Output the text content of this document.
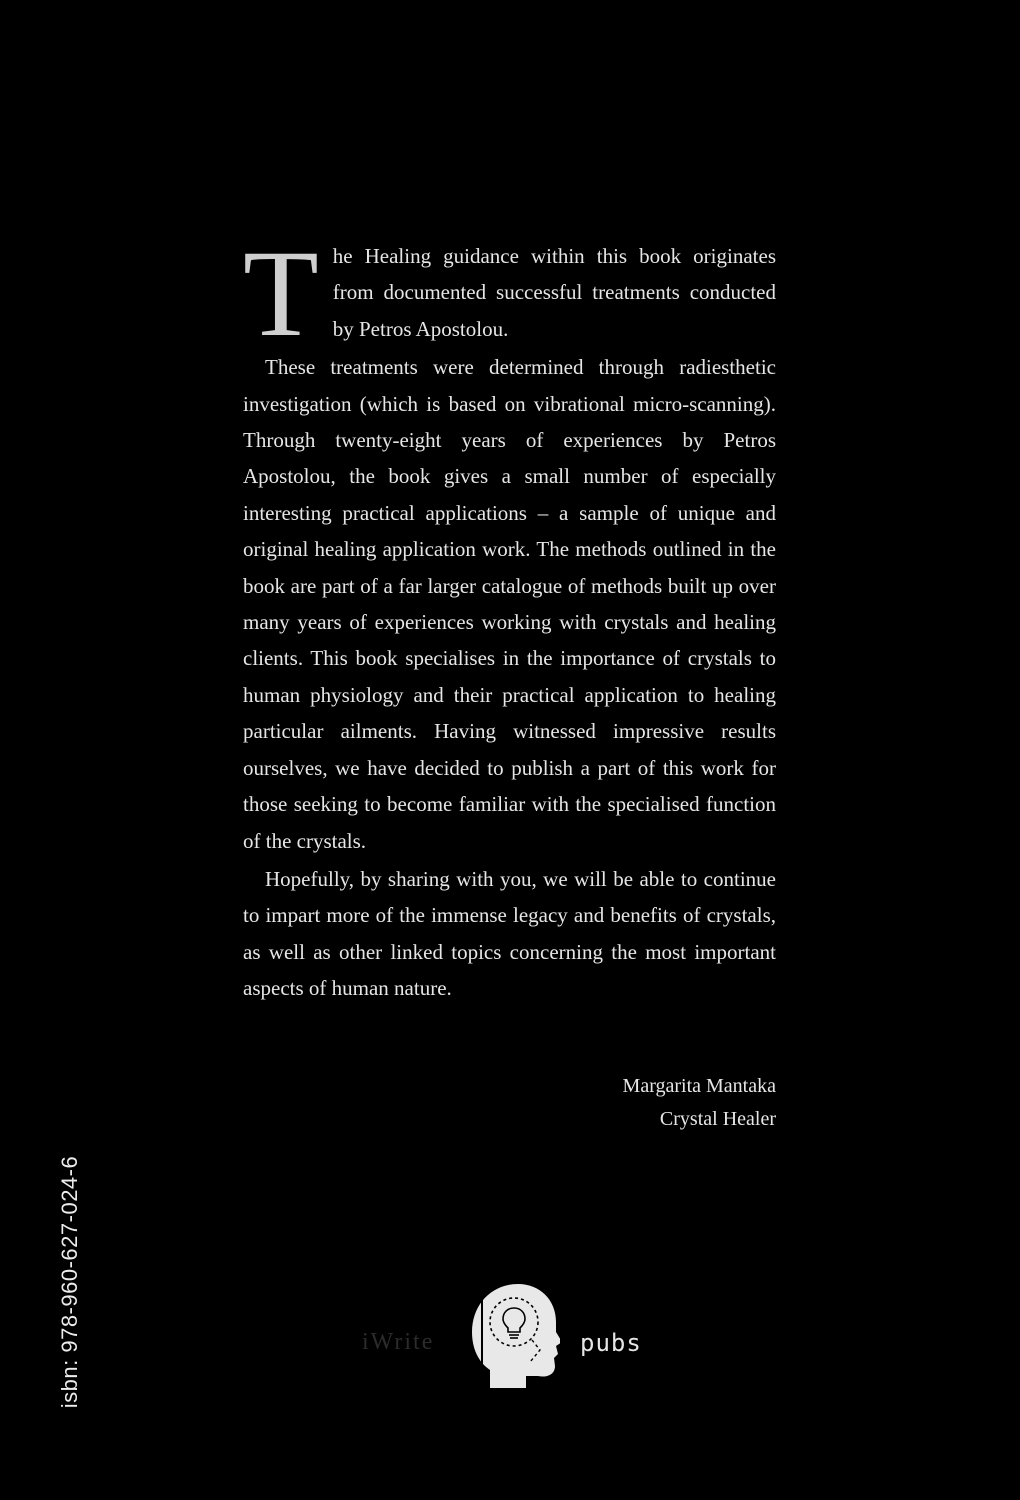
The Healing guidance within this book originates from documented successful treatments conducted by Petros Apostolou.

These treatments were determined through radiesthetic investigation (which is based on vibrational micro-scanning). Through twenty-eight years of experiences by Petros Apostolou, the book gives a small number of especially interesting practical applications – a sample of unique and original healing application work. The methods outlined in the book are part of a far larger catalogue of methods built up over many years of experiences working with crystals and healing clients. This book specialises in the importance of crystals to human physiology and their practical application to healing particular ailments. Having witnessed impressive results ourselves, we have decided to publish a part of this work for those seeking to become familiar with the specialised function of the crystals.

Hopefully, by sharing with you, we will be able to continue to impart more of the immense legacy and benefits of crystals, as well as other linked topics concerning the most important aspects of human nature.

Margarita Mantaka
Crystal Healer
isbn: 978-960-627-024-6	iWrite	pubs
